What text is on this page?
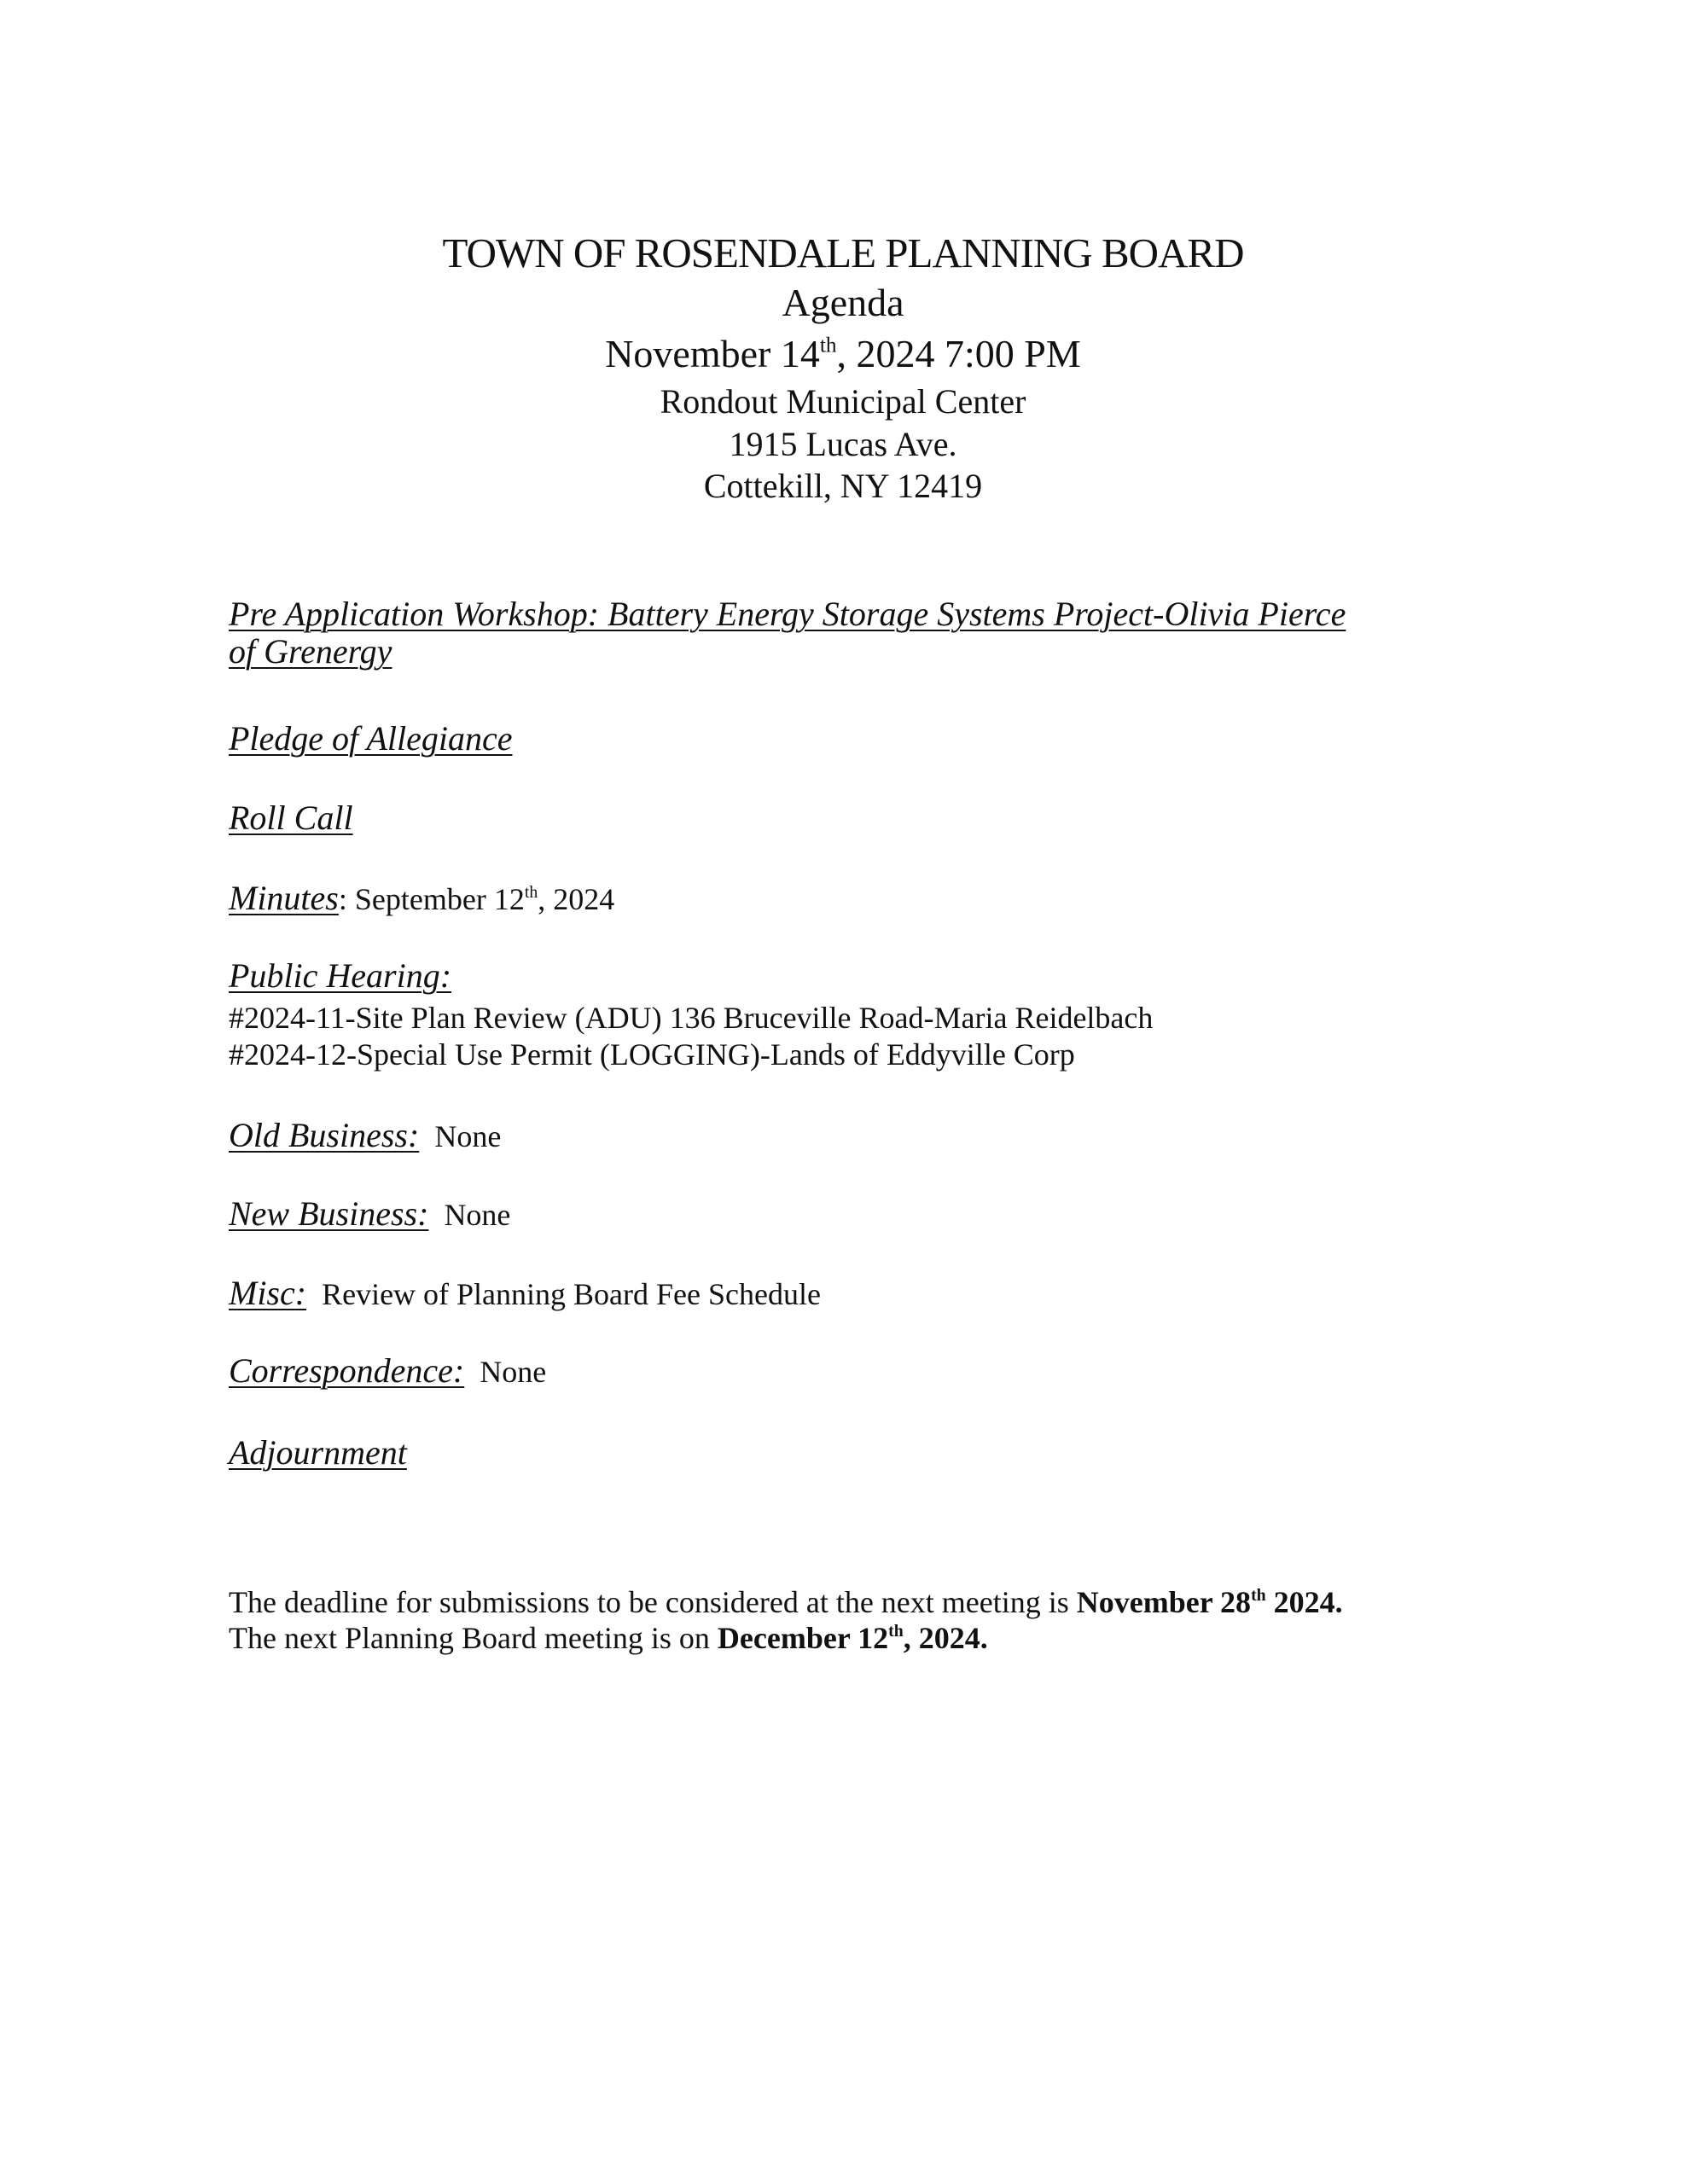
TOWN OF ROSENDALE PLANNING BOARD
Agenda
November 14th, 2024 7:00 PM
Rondout Municipal Center
1915 Lucas Ave.
Cottekill, NY 12419
Pre Application Workshop: Battery Energy Storage Systems Project-Olivia Pierce
of Grenergy
Pledge of Allegiance
Roll Call
Minutes: September 12th, 2024
Public Hearing:
#2024-11-Site Plan Review (ADU) 136 Bruceville Road-Maria Reidelbach
#2024-12-Special Use Permit (LOGGING)-Lands of Eddyville Corp
Old Business: None
New Business: None
Misc: Review of Planning Board Fee Schedule
Correspondence: None
Adjournment
The deadline for submissions to be considered at the next meeting is November 28th 2024.
The next Planning Board meeting is on December 12th, 2024.
